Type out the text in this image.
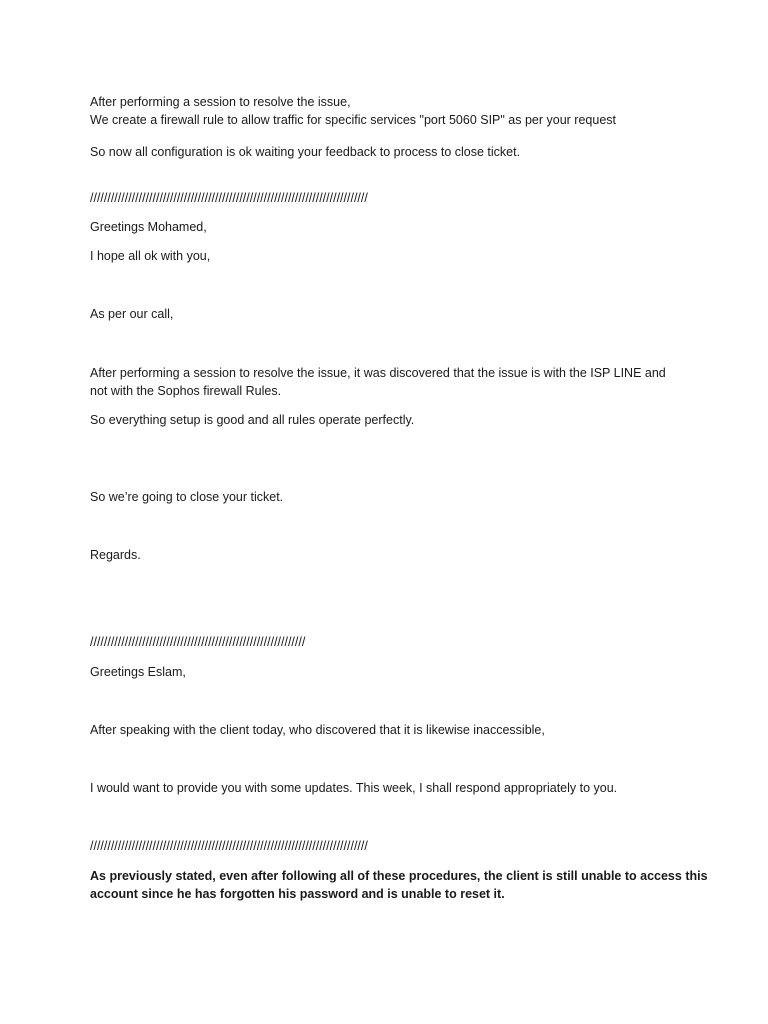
After performing a session to resolve the issue,

We create a firewall rule to allow traffic for specific services "port 5060 SIP" as per your request

So now all configuration is ok waiting your feedback to process to close ticket.

////////////////////////////////////////////////////////////////////////////////

Greetings Mohamed,

I hope all ok with you,

As per our call,

After performing a session to resolve the issue, it was discovered that the issue is with the ISP LINE and

not with the Sophos firewall Rules.

So everything setup is good and all rules operate perfectly.

So we’re going to close your ticket.

Regards.

//////////////////////////////////////////////////////////////

Greetings Eslam,

After speaking with the client today, who discovered that it is likewise inaccessible,

I would want to provide you with some updates. This week, I shall respond appropriately to you.

////////////////////////////////////////////////////////////////////////////////

As previously stated, even after following all of these procedures, the client is still unable to access this

account since he has forgotten his password and is unable to reset it.
